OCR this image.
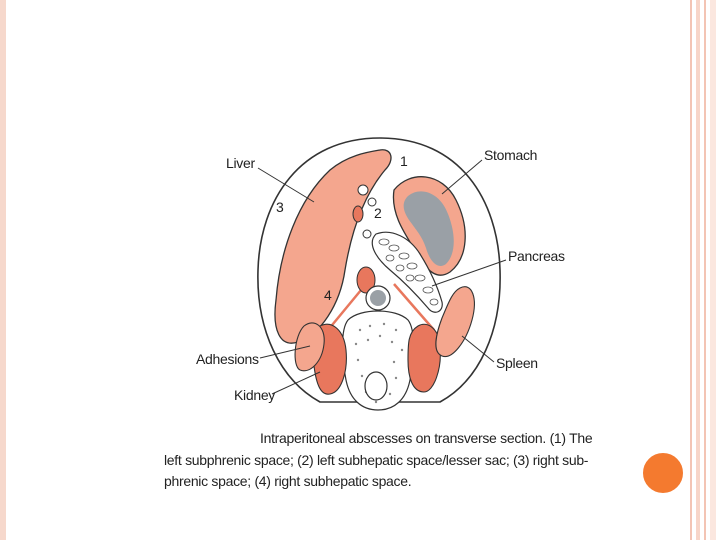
Liver	Stomach
Pancreas
Adhesions
Kidney
Spleen
1
2
3
4
Intraperitoneal abscesses on transverse section. (1) The
left subphrenic space; (2) left subhepatic space/lesser sac; (3) right sub-
phrenic space; (4) right subhepatic space.
